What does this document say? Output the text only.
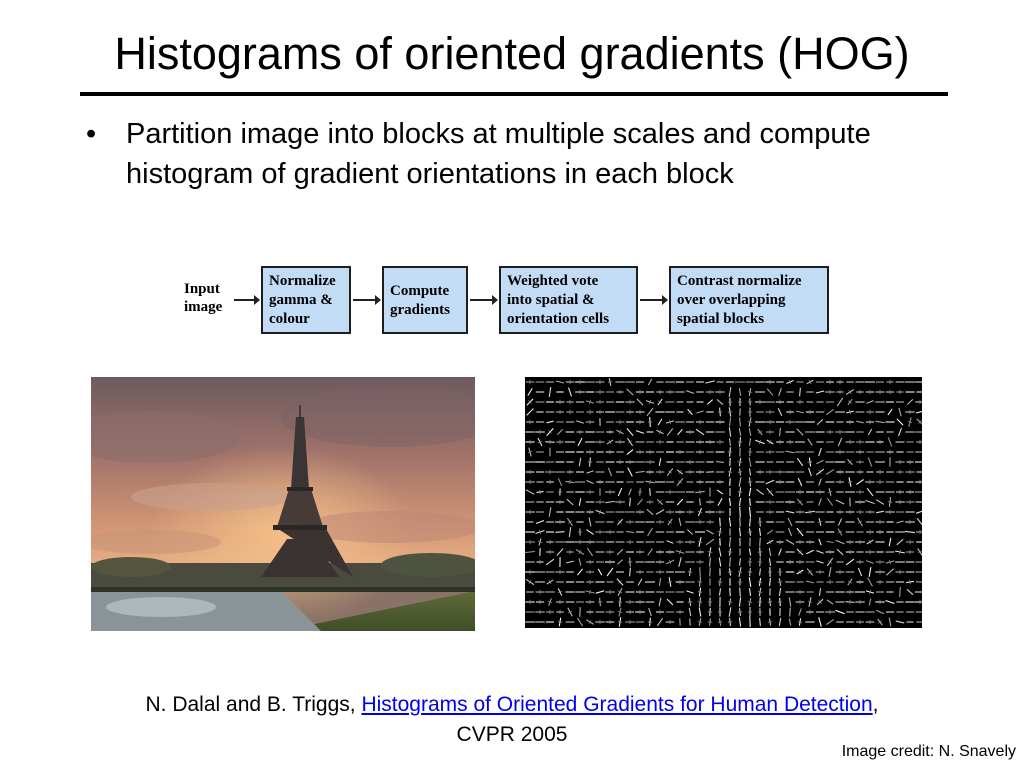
Histograms of oriented gradients (HOG)
• Partition image into blocks at multiple scales and compute histogram of gradient orientations in each block
Input image
Normalize
gamma &
colour
Compute
gradients
Weighted vote
into spatial &
orientation cells
Contrast normalize
over overlapping
spatial blocks
N. Dalal and B. Triggs, Histograms of Oriented Gradients for Human Detection,
CVPR 2005
Image credit: N. Snavely
